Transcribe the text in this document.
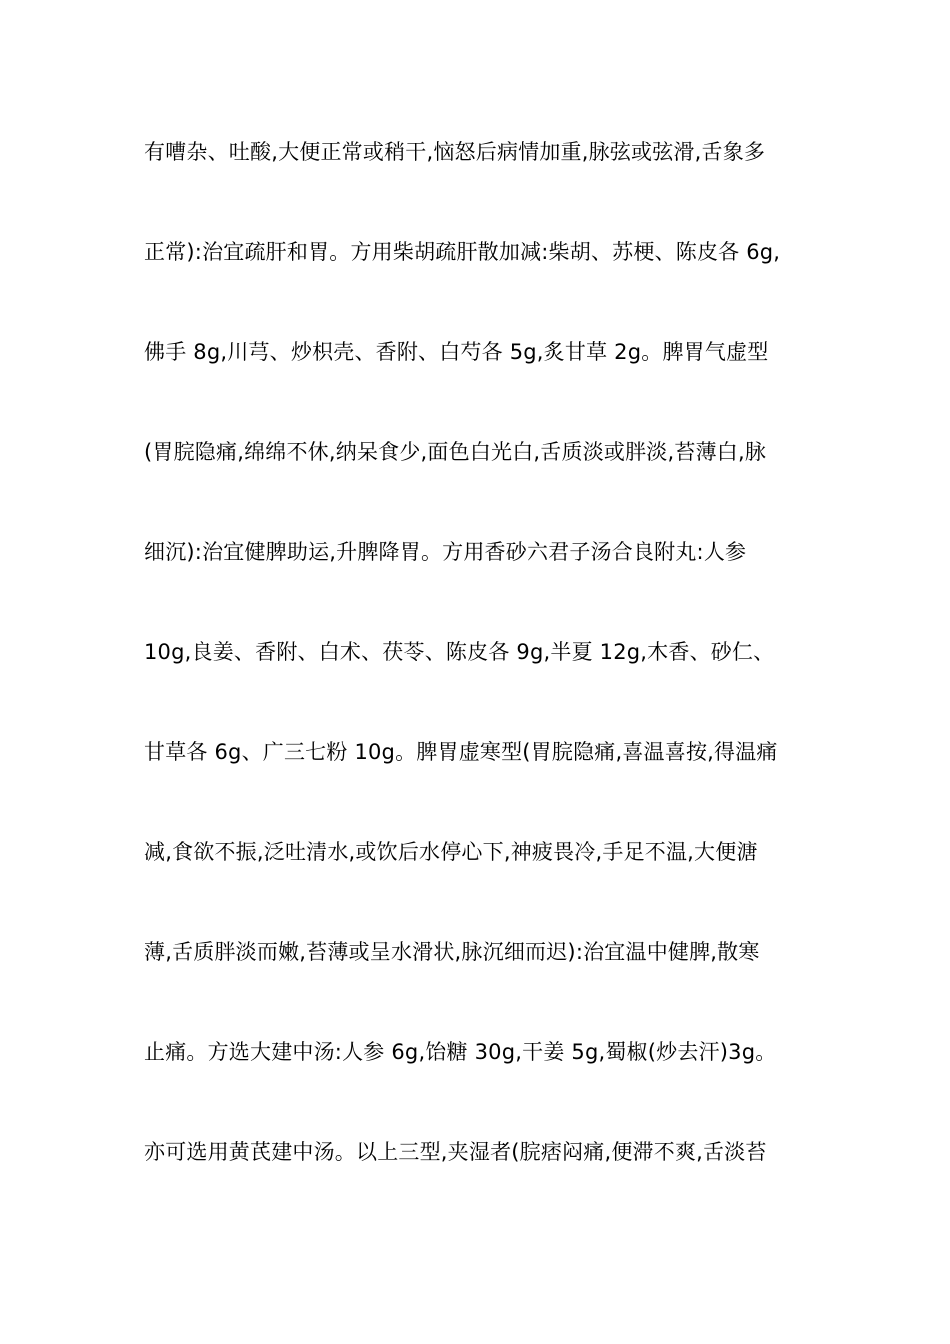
有嘈杂、吐酸,大便正常或稍干,恼怒后病情加重,脉弦或弦滑,舌象多
正常):治宜疏肝和胃。方用柴胡疏肝散加减:柴胡、苏梗、陈皮各 6g,
佛手 8g,川芎、炒枳壳、香附、白芍各 5g,炙甘草 2g。脾胃气虚型
(胃脘隐痛,绵绵不休,纳呆食少,面色白光白,舌质淡或胖淡,苔薄白,脉
细沉):治宜健脾助运,升脾降胃。方用香砂六君子汤合良附丸:人参
10g,良姜、香附、白术、茯苓、陈皮各 9g,半夏 12g,木香、砂仁、
甘草各 6g、广三七粉 10g。脾胃虚寒型(胃脘隐痛,喜温喜按,得温痛
减,食欲不振,泛吐清水,或饮后水停心下,神疲畏冷,手足不温,大便溏
薄,舌质胖淡而嫩,苔薄或呈水滑状,脉沉细而迟):治宜温中健脾,散寒
止痛。方选大建中汤:人参 6g,饴糖 30g,干姜 5g,蜀椒(炒去汗)3g。
亦可选用黄芪建中汤。以上三型,夹湿者(脘痞闷痛,便滞不爽,舌淡苔
